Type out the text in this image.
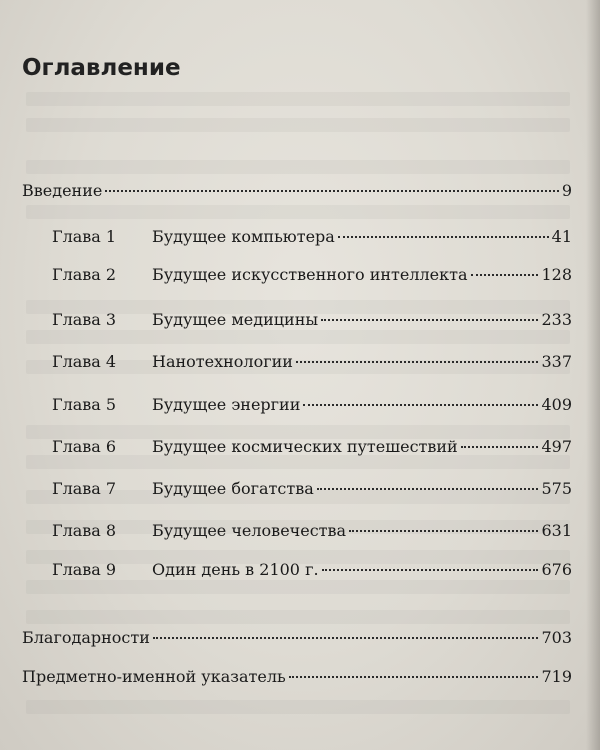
Оглавление
Введение	9
Глава 1	Будущее компьютера	41
Глава 2	Будущее искусственного интеллекта	128
Глава 3	Будущее медицины	233
Глава 4	Нанотехнологии	337
Глава 5	Будущее энергии	409
Глава 6	Будущее космических путешествий	497
Глава 7	Будущее богатства	575
Глава 8	Будущее человечества	631
Глава 9	Один день в 2100 г.	676
Благодарности	703
Предметно-именной указатель	719
